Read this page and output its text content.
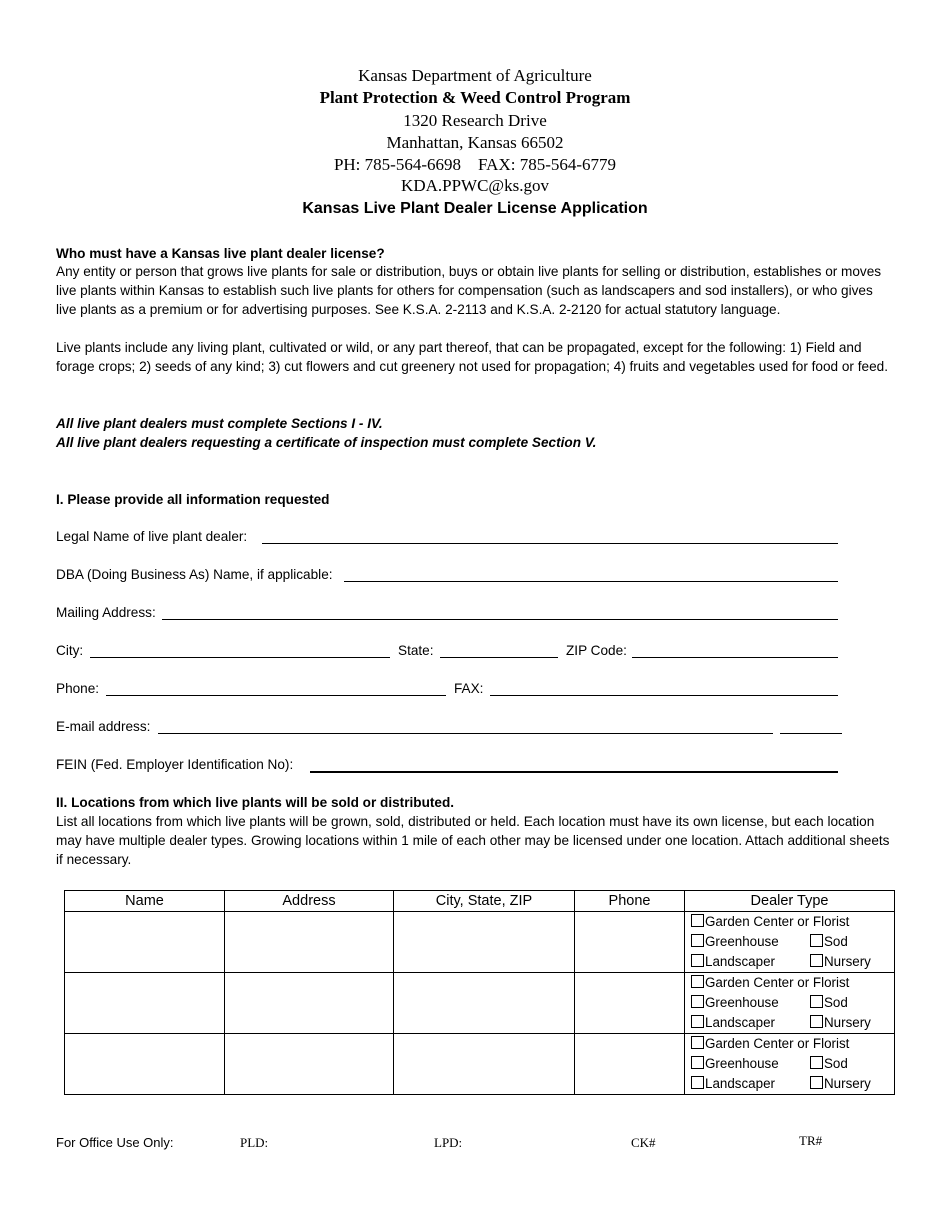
Kansas Department of Agriculture
Plant Protection & Weed Control Program
1320 Research Drive
Manhattan, Kansas 66502
PH: 785-564-6698    FAX: 785-564-6779
KDA.PPWC@ks.gov
Kansas Live Plant Dealer License Application
Who must have a Kansas live plant dealer license?
Any entity or person that grows live plants for sale or distribution, buys or obtain live plants for selling or distribution, establishes or moves live plants within Kansas to establish such live plants for others for compensation (such as landscapers and sod installers), or who gives live plants as a premium or for advertising purposes. See K.S.A. 2-2113 and K.S.A. 2-2120 for actual statutory language.
Live plants include any living plant, cultivated or wild, or any part thereof, that can be propagated, except for the following: 1) Field and forage crops; 2) seeds of any kind; 3) cut flowers and cut greenery not used for propagation; 4) fruits and vegetables used for food or feed.
All live plant dealers must complete Sections I - IV.
All live plant dealers requesting a certificate of inspection must complete Section V.
I. Please provide all information requested
Legal Name of live plant dealer:
DBA (Doing Business As) Name, if applicable:
Mailing Address:
City:	State:	ZIP Code:
Phone:	FAX:
E-mail address:
FEIN (Fed. Employer Identification No):
II. Locations from which live plants will be sold or distributed.
List all locations from which live plants will be grown, sold, distributed or held. Each location must have its own license, but each location may have multiple dealer types. Growing locations within 1 mile of each other may be licensed under one location. Attach additional sheets if necessary.
Name	Address	City, State, ZIP	Phone	Dealer Type

				Garden Center or Florist
Greenhouse Sod
Landscaper Nursery

				Garden Center or Florist
Greenhouse Sod
Landscaper Nursery

				Garden Center or Florist
Greenhouse Sod
Landscaper Nursery
For Office Use Only:	PLD:	LPD:	CK#	TR#
